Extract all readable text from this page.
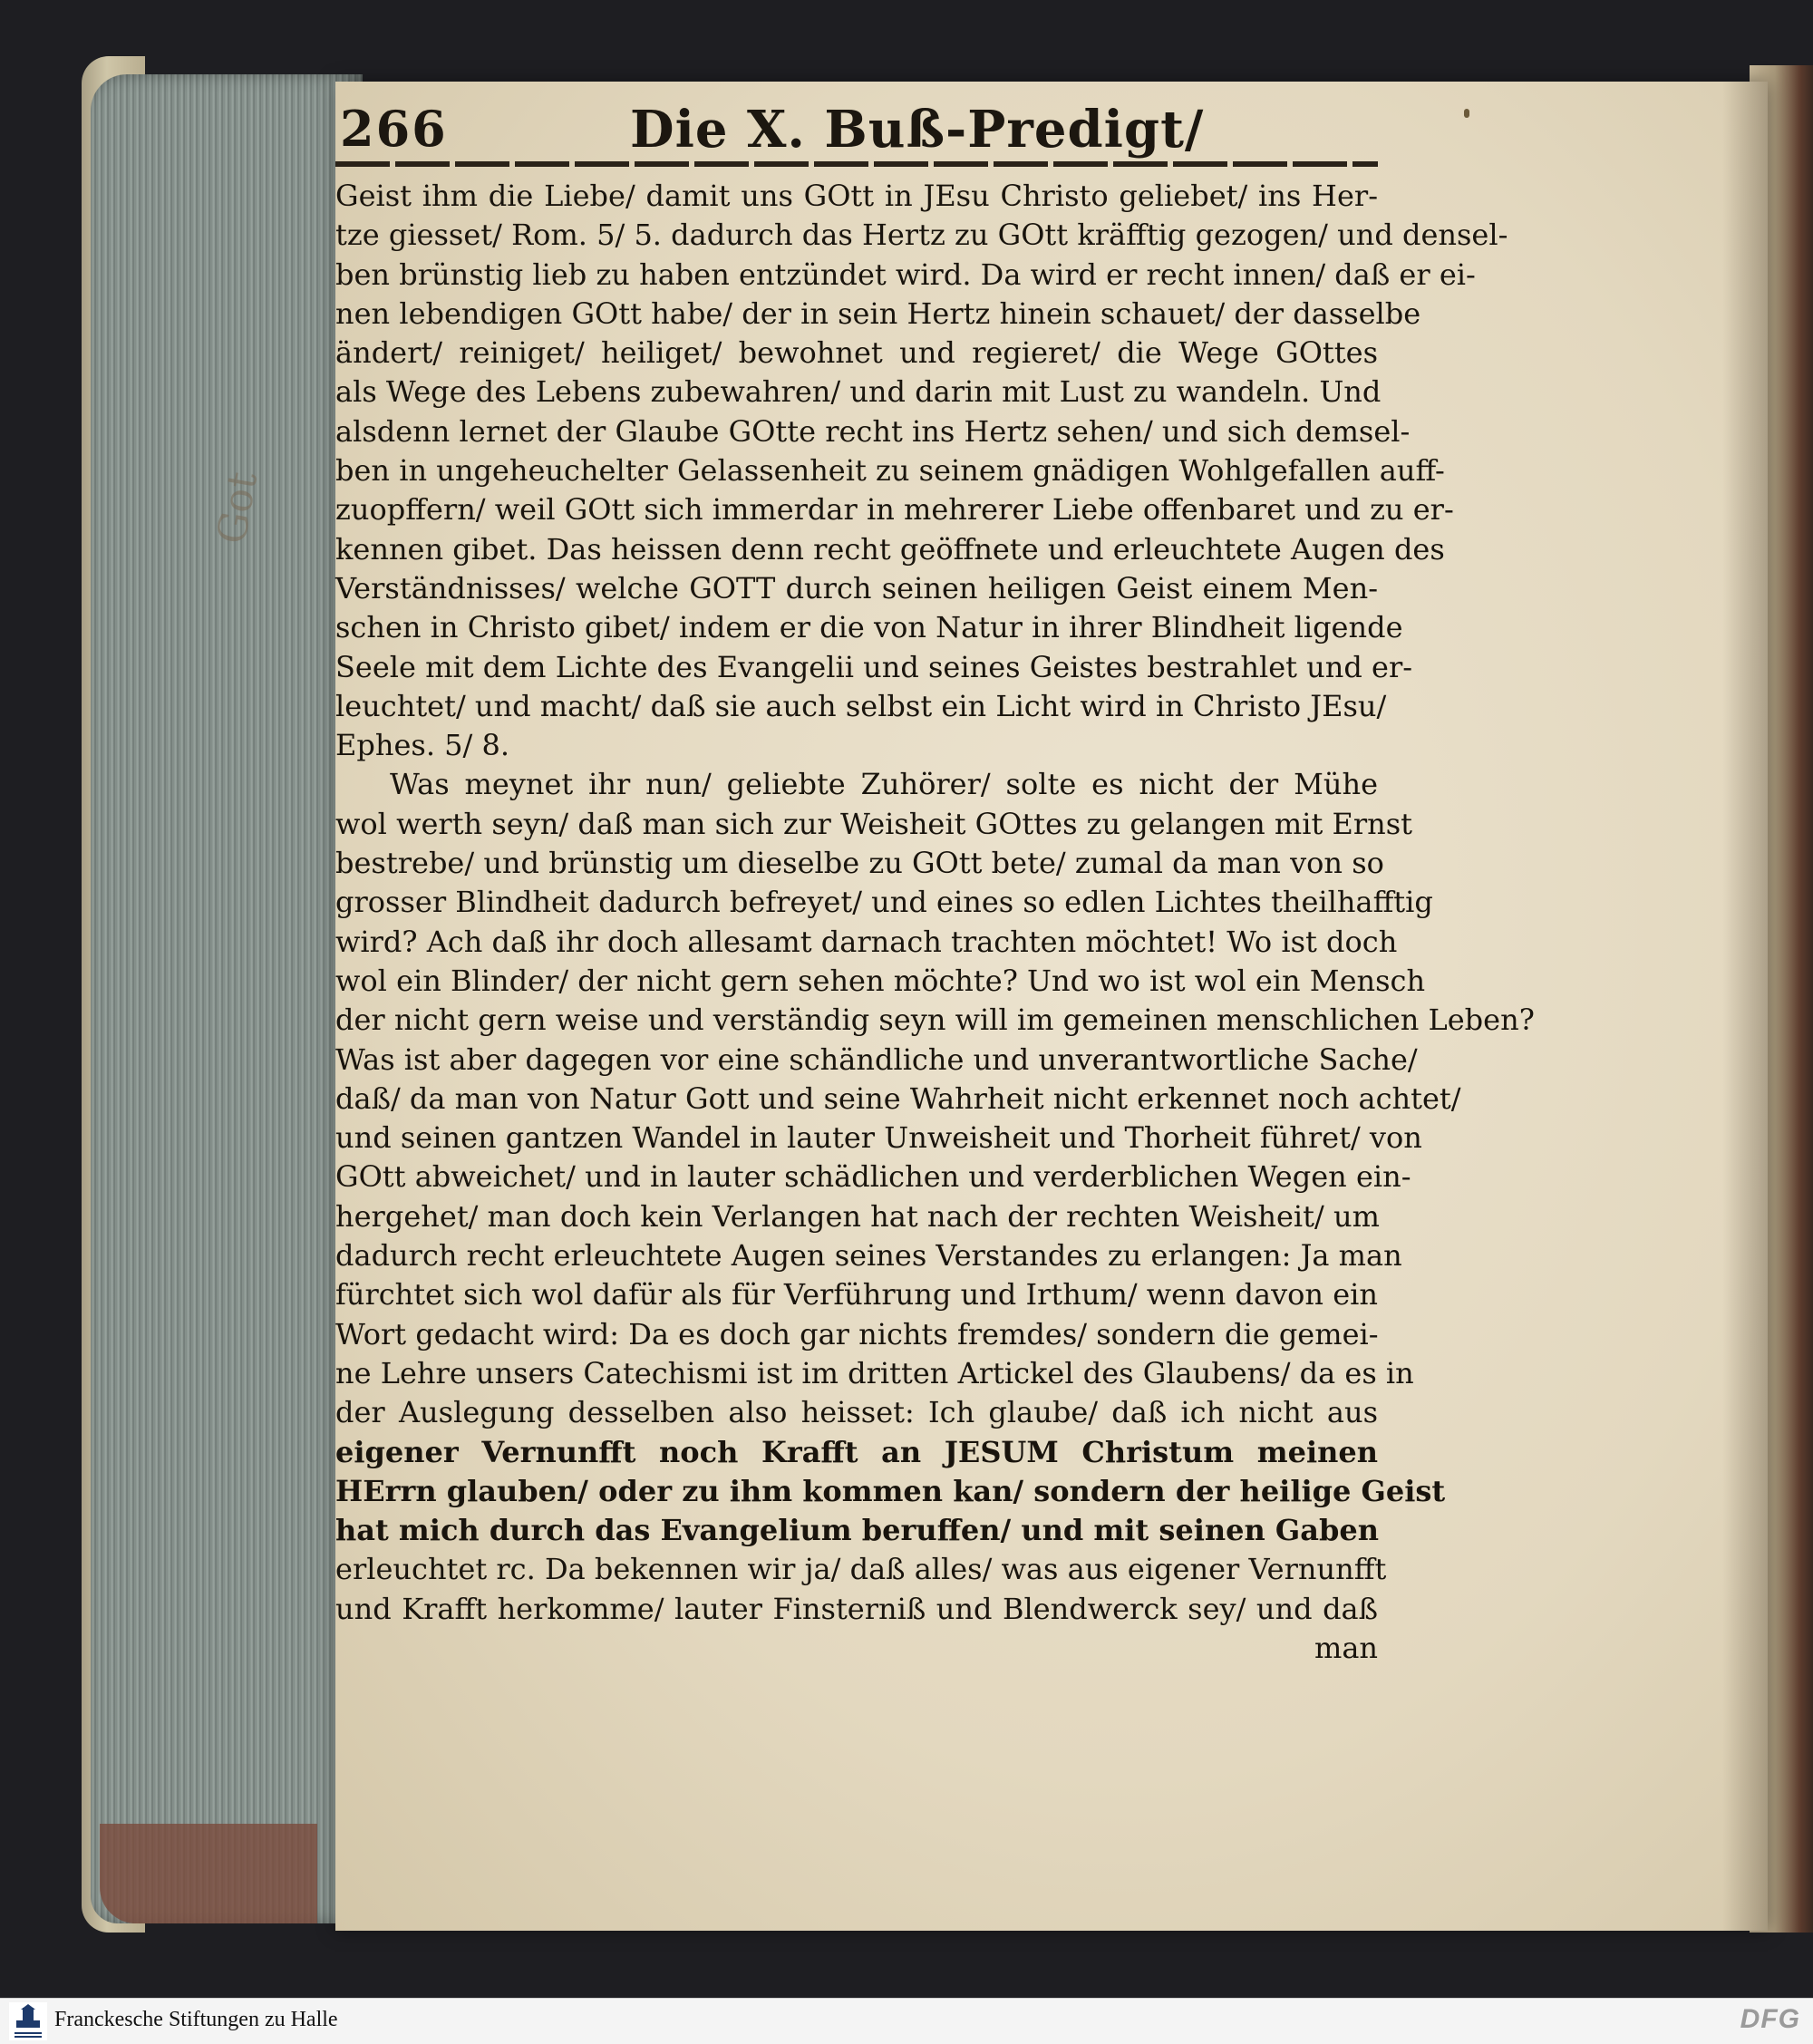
Got
266	Die X. Buß-Predigt/
Geist ihm die Liebe/ damit uns GOtt in JEsu Christo geliebet/ ins Her-
tze giesset/ Rom. 5/ 5. dadurch das Hertz zu GOtt kräfftig gezogen/ und densel-
ben brünstig lieb zu haben entzündet wird. Da wird er recht innen/ daß er ei-
nen lebendigen GOtt habe/ der in sein Hertz hinein schauet/ der dasselbe
ändert/ reiniget/ heiliget/ bewohnet und regieret/ die Wege GOttes
als Wege des Lebens zubewahren/ und darin mit Lust zu wandeln. Und
alsdenn lernet der Glaube GOtte recht ins Hertz sehen/ und sich demsel-
ben in ungeheuchelter Gelassenheit zu seinem gnädigen Wohlgefallen auff-
zuopffern/ weil GOtt sich immerdar in mehrerer Liebe offenbaret und zu er-
kennen gibet. Das heissen denn recht geöffnete und erleuchtete Augen des
Verständnisses/ welche GOTT durch seinen heiligen Geist einem Men-
schen in Christo gibet/ indem er die von Natur in ihrer Blindheit ligende
Seele mit dem Lichte des Evangelii und seines Geistes bestrahlet und er-
leuchtet/ und macht/ daß sie auch selbst ein Licht wird in Christo JEsu/
Ephes. 5/ 8.
Was meynet ihr nun/ geliebte Zuhörer/ solte es nicht der Mühe
wol werth seyn/ daß man sich zur Weisheit GOttes zu gelangen mit Ernst
bestrebe/ und brünstig um dieselbe zu GOtt bete/ zumal da man von so
grosser Blindheit dadurch befreyet/ und eines so edlen Lichtes theilhafftig
wird? Ach daß ihr doch allesamt darnach trachten möchtet! Wo ist doch
wol ein Blinder/ der nicht gern sehen möchte? Und wo ist wol ein Mensch
der nicht gern weise und verständig seyn will im gemeinen menschlichen Leben?
Was ist aber dagegen vor eine schändliche und unverantwortliche Sache/
daß/ da man von Natur Gott und seine Wahrheit nicht erkennet noch achtet/
und seinen gantzen Wandel in lauter Unweisheit und Thorheit führet/ von
GOtt abweichet/ und in lauter schädlichen und verderblichen Wegen ein-
hergehet/ man doch kein Verlangen hat nach der rechten Weisheit/ um
dadurch recht erleuchtete Augen seines Verstandes zu erlangen: Ja man
fürchtet sich wol dafür als für Verführung und Irthum/ wenn davon ein
Wort gedacht wird: Da es doch gar nichts fremdes/ sondern die gemei-
ne Lehre unsers Catechismi ist im dritten Artickel des Glaubens/ da es in
der Auslegung desselben also heisset: Ich glaube/ daß ich nicht aus
eigener Vernunfft noch Krafft an JESUM Christum meinen
HErrn glauben/ oder zu ihm kommen kan/ sondern der heilige Geist
hat mich durch das Evangelium beruffen/ und mit seinen Gaben
erleuchtet rc. Da bekennen wir ja/ daß alles/ was aus eigener Vernunfft
und Krafft herkomme/ lauter Finsterniß und Blendwerck sey/ und daß
man
Franckesche Stiftungen zu Halle	DFG
